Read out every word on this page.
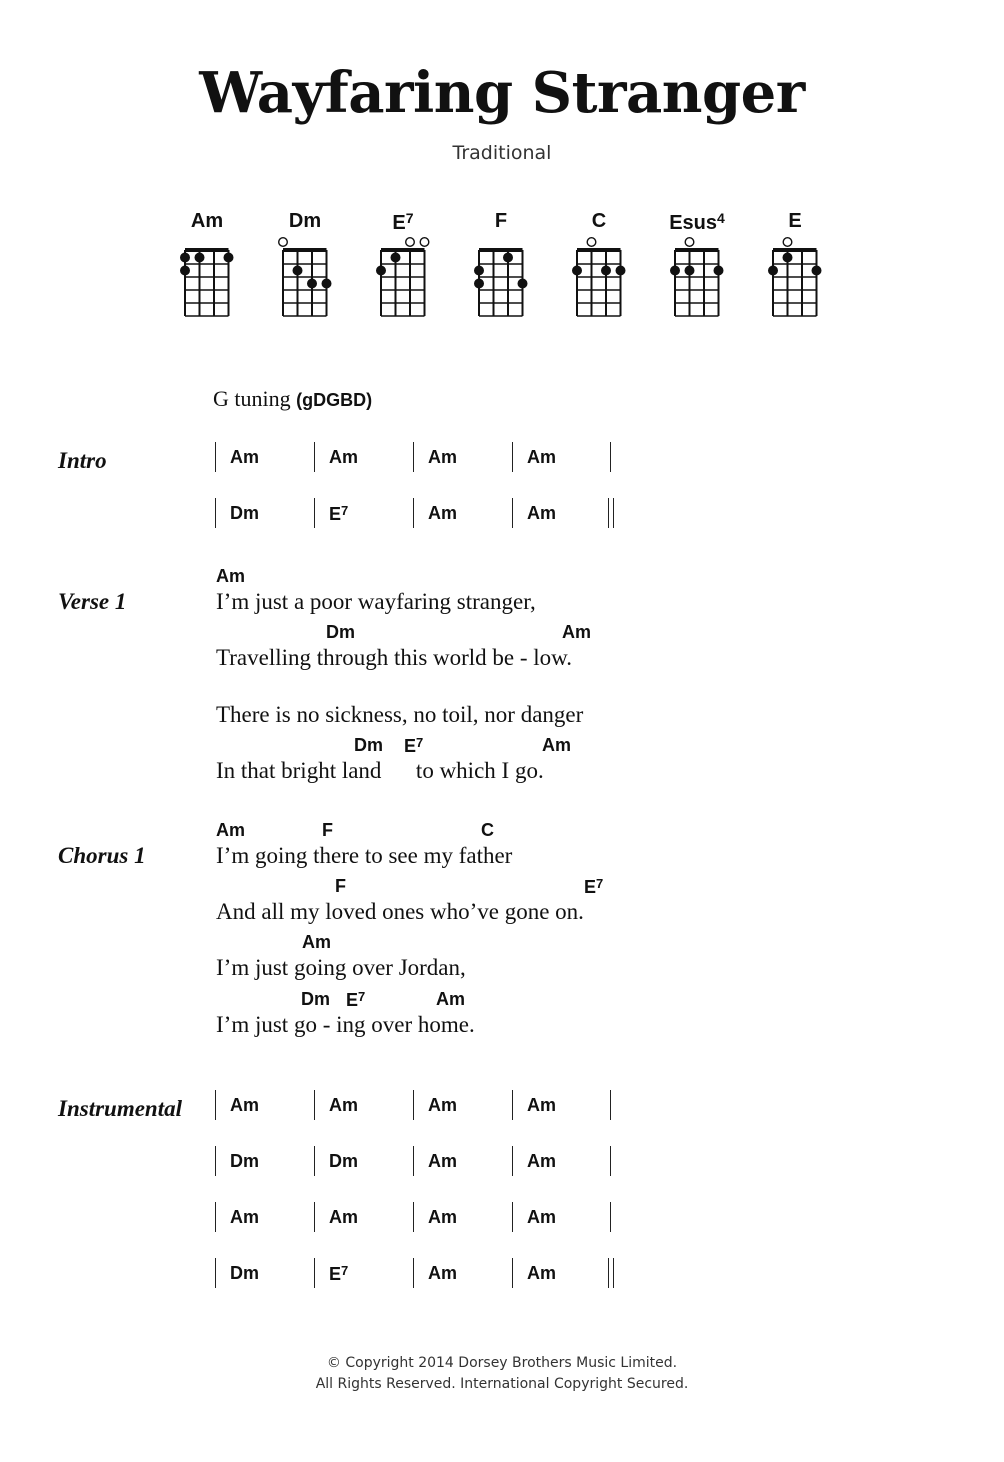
Wayfaring Stranger
Traditional
Am	Dm	$E^7$	F	C	Esus$^4$	E
G tuning (gDGBD)
Intro	Am	Am	Am	Am
Dm	$E^7$	Am	Am
Verse 1	I’m just a poor wayfaring stranger,
Am
Travelling through this world be - low.
Dm	Am
There is no sickness, no toil, nor danger
In that bright land      to which I go.
Dm $E^7$	Am
Chorus 1	I’m going there to see my father
Am	F	C
And all my loved ones who’ve gone on.
F	$E^7$
I’m just going over Jordan,
Am
I’m just go - ing over home.
Dm $E^7$	Am
Instrumental	Am	Am	Am	Am
Dm	Dm	Am	Am
Am	Am	Am	Am
Dm	$E^7$	Am	Am
© Copyright 2014 Dorsey Brothers Music Limited.
All Rights Reserved. International Copyright Secured.
